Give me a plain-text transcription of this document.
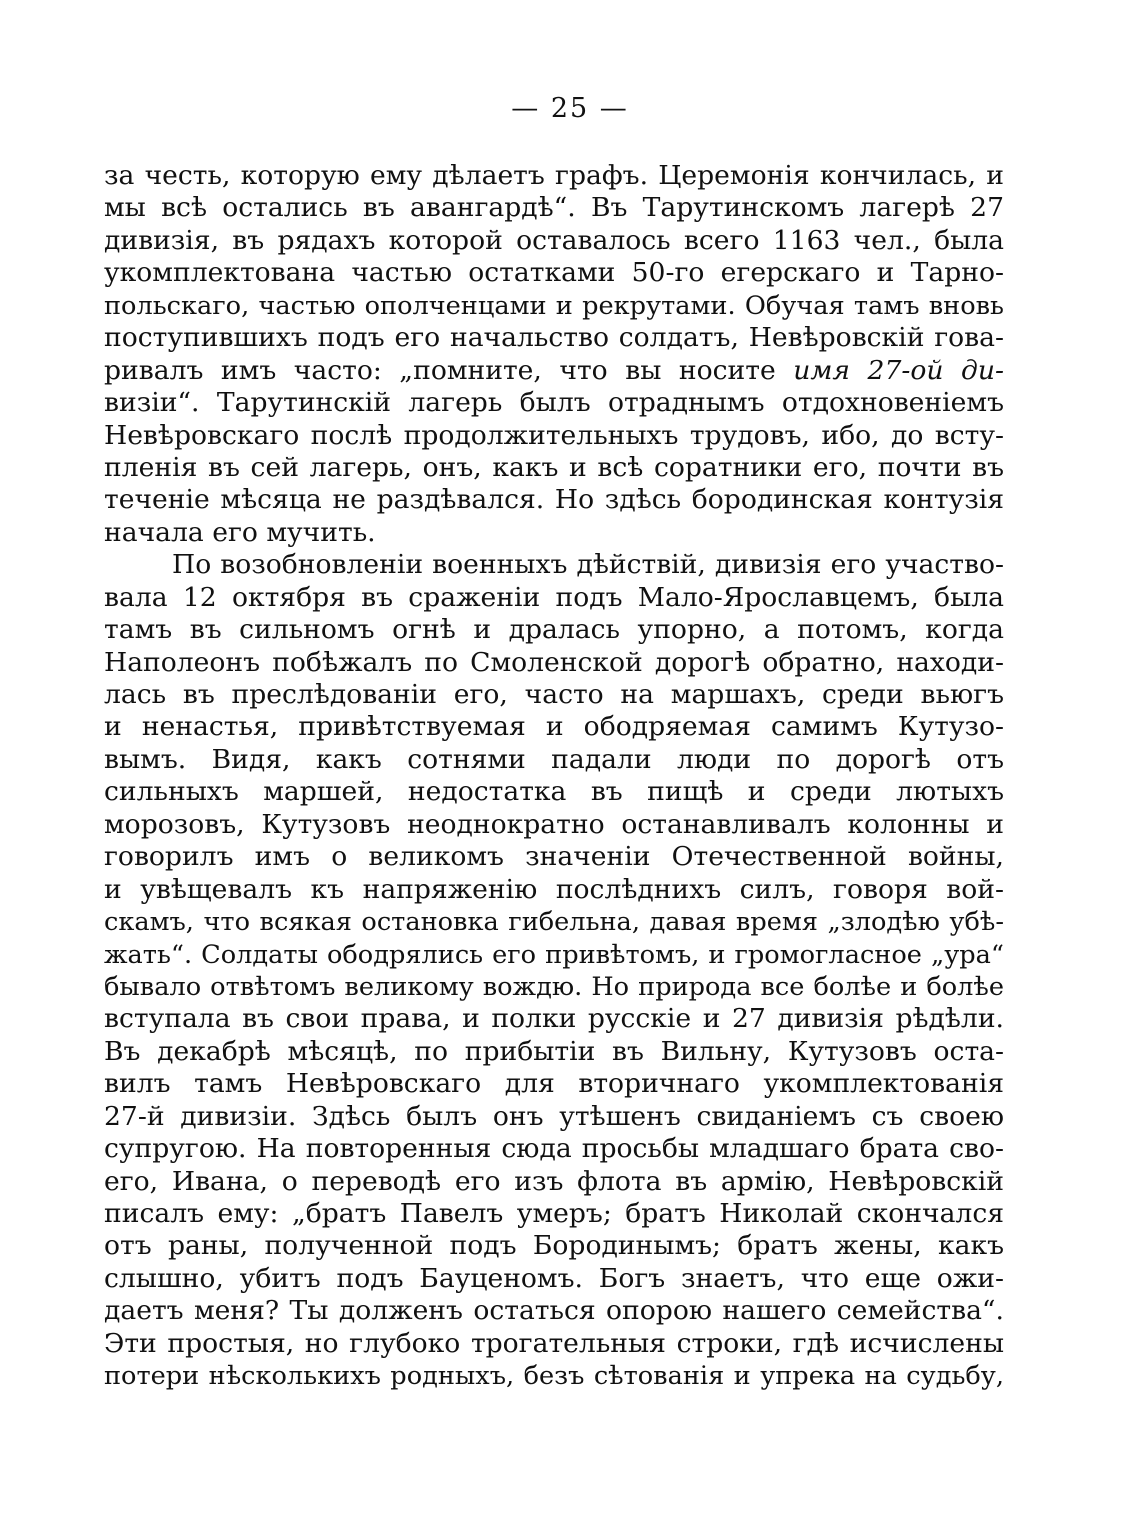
— 25 —
за честь, которую ему дѣлаетъ графъ. Церемонія кончилась, и
мы всѣ остались въ авангардѣ“. Въ Тарутинскомъ лагерѣ 27
дивизія, въ рядахъ которой оставалось всего 1163 чел., была
укомплектована частью остатками 50-го егерскаго и Тарно-
польскаго, частью ополченцами и рекрутами. Обучая тамъ вновь
поступившихъ подъ его начальство солдатъ, Невѣровскій гова-
ривалъ имъ часто: „помните, что вы носите имя 27-ой ди-
визіи“. Тарутинскій лагерь былъ отраднымъ отдохновеніемъ
Невѣровскаго послѣ продолжительныхъ трудовъ, ибо, до всту-
пленія въ сей лагерь, онъ, какъ и всѣ соратники его, почти въ
теченіе мѣсяца не раздѣвался. Но здѣсь бородинская контузія
начала его мучить.
По возобновленіи военныхъ дѣйствій, дивизія его участво-
вала 12 октября въ сраженіи подъ Мало-Ярославцемъ, была
тамъ въ сильномъ огнѣ и дралась упорно, а потомъ, когда
Наполеонъ побѣжалъ по Смоленской дорогѣ обратно, находи-
лась въ преслѣдованіи его, часто на маршахъ, среди вьюгъ
и ненастья, привѣтствуемая и ободряемая самимъ Кутузо-
вымъ. Видя, какъ сотнями падали люди по дорогѣ отъ
сильныхъ маршей, недостатка въ пищѣ и среди лютыхъ
морозовъ, Кутузовъ неоднократно останавливалъ колонны и
говорилъ имъ о великомъ значеніи Отечественной войны,
и увѣщевалъ къ напряженію послѣднихъ силъ, говоря вой-
скамъ, что всякая остановка гибельна, давая время „злодѣю убѣ-
жать“. Солдаты ободрялись его привѣтомъ, и громогласное „ура“
бывало отвѣтомъ великому вождю. Но природа все болѣе и болѣе
вступала въ свои права, и полки русскіе и 27 дивизія рѣдѣли.
Въ декабрѣ мѣсяцѣ, по прибытіи въ Вильну, Кутузовъ оста-
вилъ тамъ Невѣровскаго для вторичнаго укомплектованія
27-й дивизіи. Здѣсь былъ онъ утѣшенъ свиданіемъ съ своею
супругою. На повторенныя сюда просьбы младшаго брата сво-
его, Ивана, о переводѣ его изъ флота въ армію, Невѣровскій
писалъ ему: „братъ Павелъ умеръ; братъ Николай скончался
отъ раны, полученной подъ Бородинымъ; братъ жены, какъ
слышно, убитъ подъ Бауценомъ. Богъ знаетъ, что еще ожи-
даетъ меня? Ты долженъ остаться опорою нашего семейства“.
Эти простыя, но глубоко трогательныя строки, гдѣ исчислены
потери нѣсколькихъ родныхъ, безъ сѣтованія и упрека на судьбу,
